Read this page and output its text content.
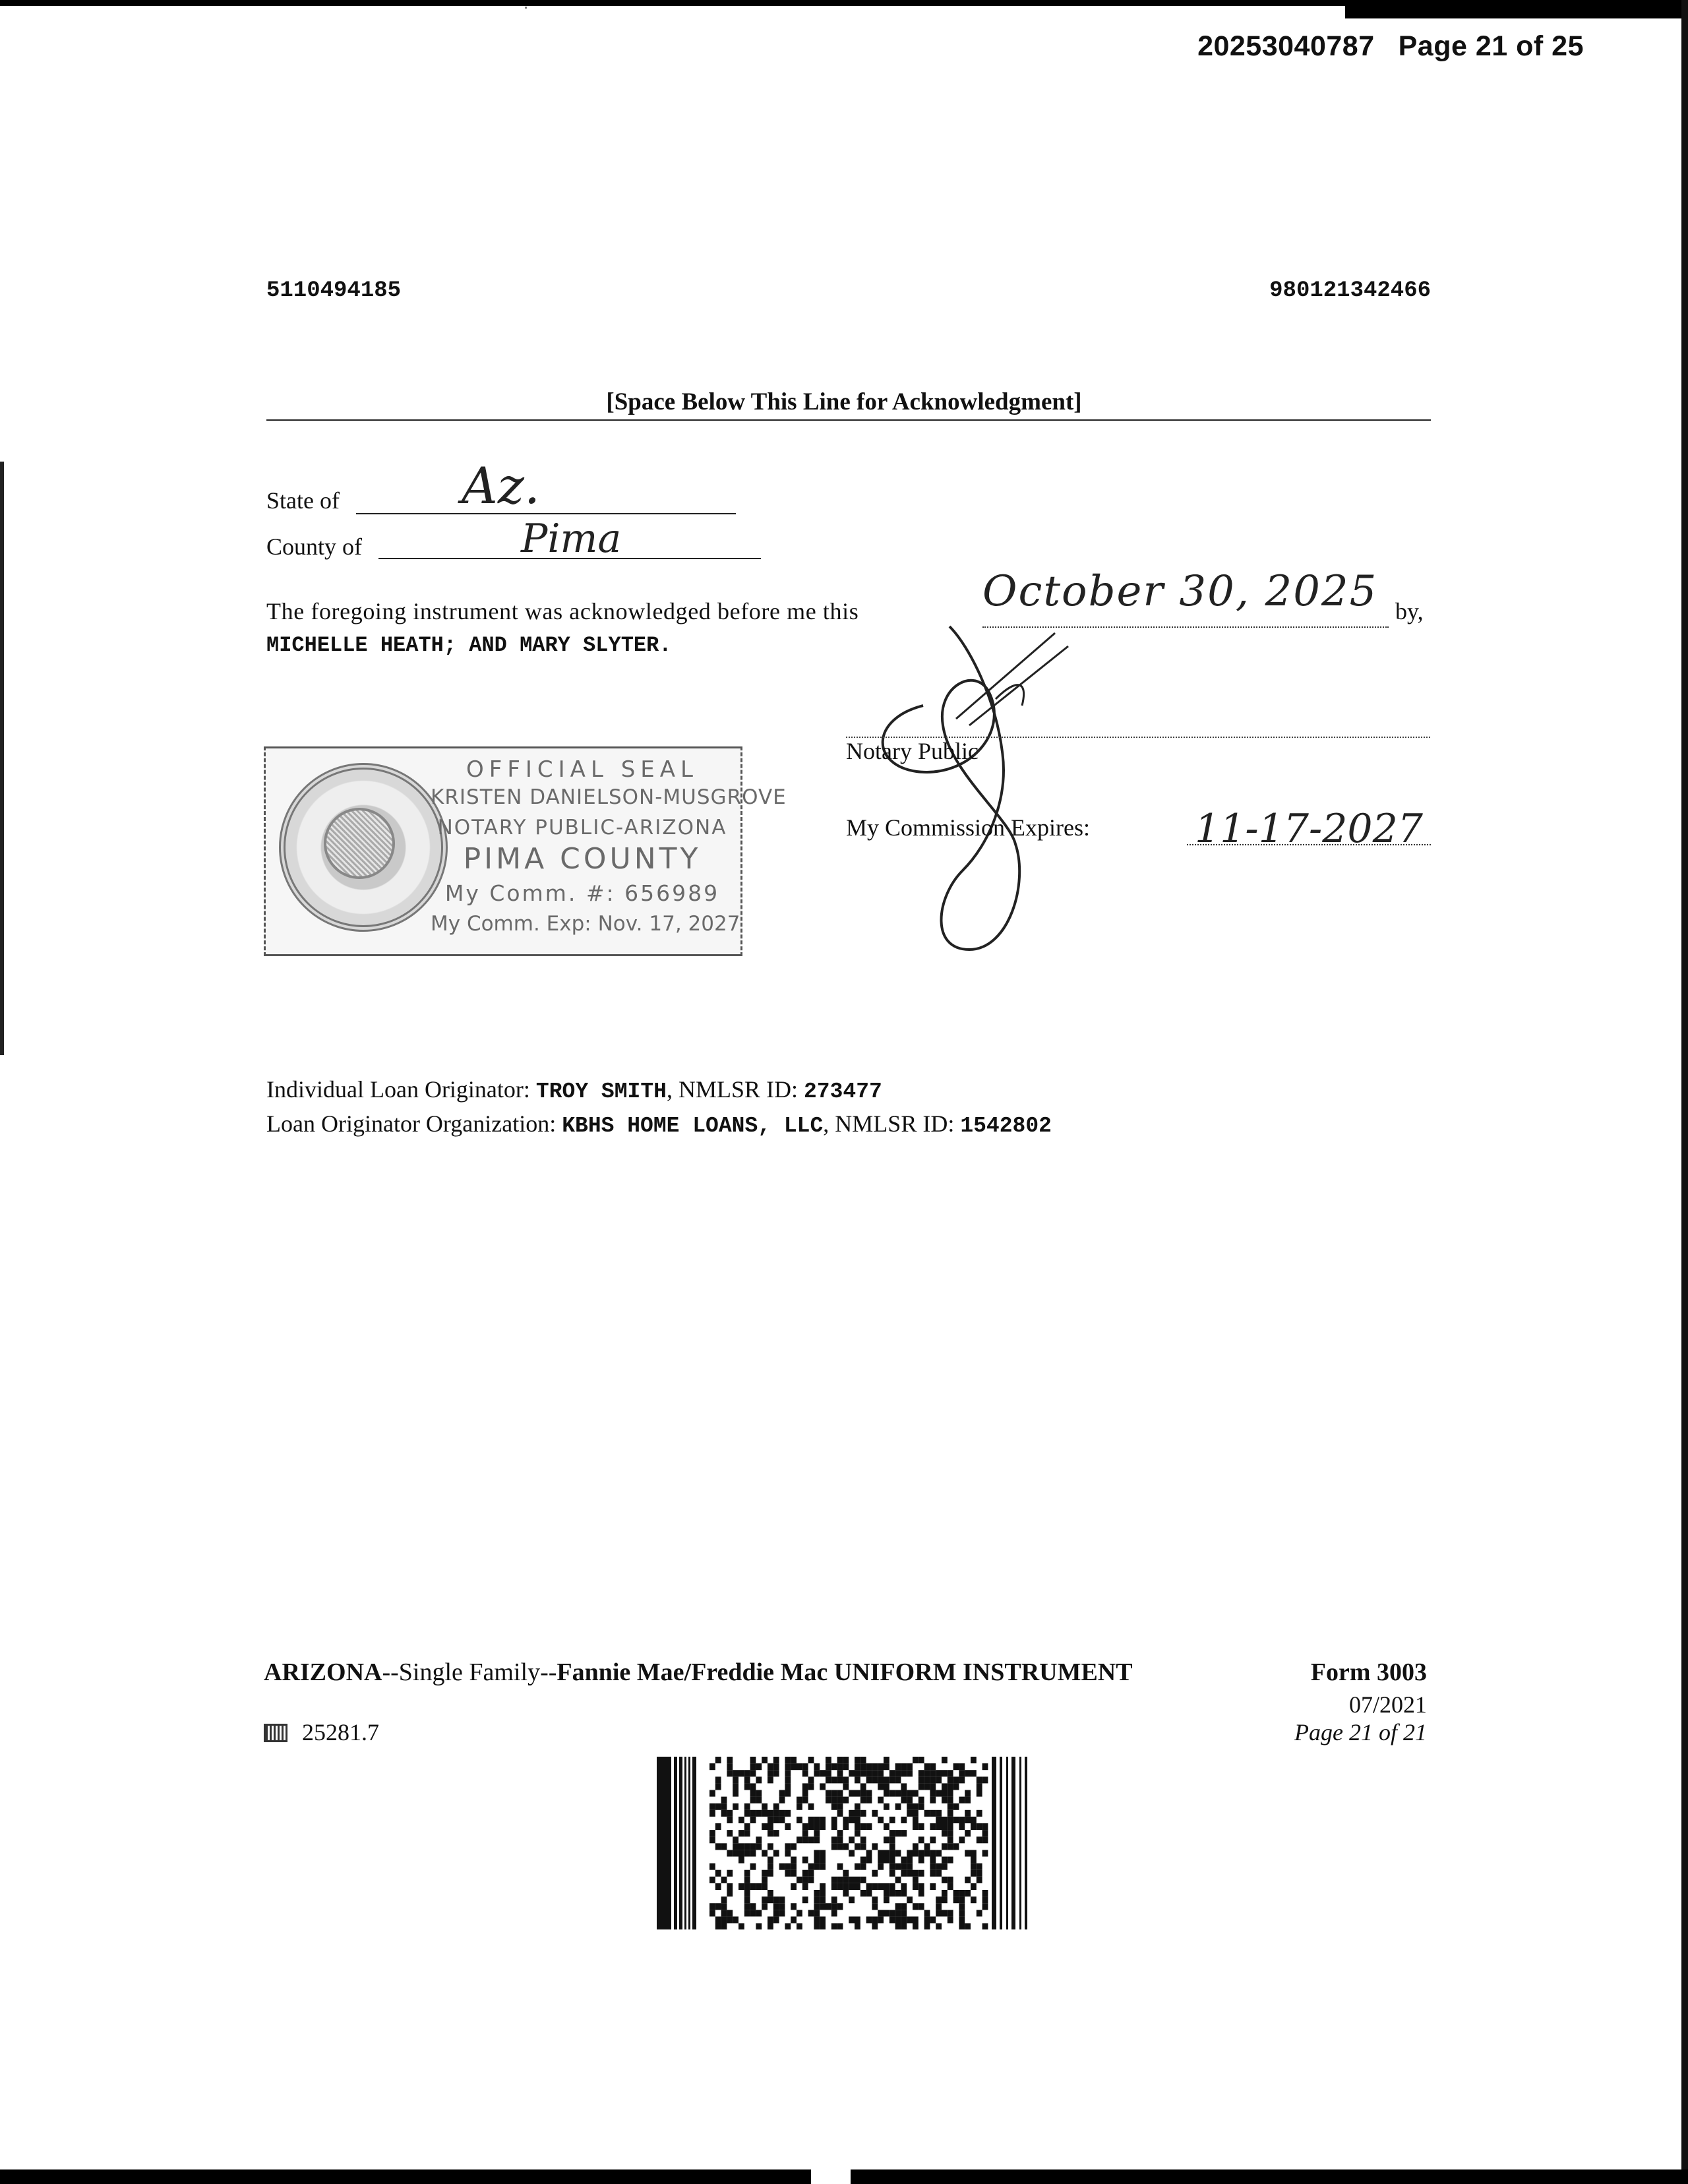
20253040787 Page 21 of 25
5110494185	980121342466
[Space Below This Line for Acknowledgment]
State of Az.
County of	Pima
The foregoing instrument was acknowledged before me this	October 30, 2025 by,
MICHELLE HEATH; AND MARY SLYTER.
Notary Public
My Commission Expires:	11-17-2027
OFFICIAL SEAL
KRISTEN DANIELSON-MUSGROVE
NOTARY PUBLIC-ARIZONA
PIMA COUNTY
My Comm. #: 656989
My Comm. Exp: Nov. 17, 2027
Individual Loan Originator: TROY SMITH, NMLSR ID: 273477
Loan Originator Organization: KBHS HOME LOANS, LLC, NMLSR ID: 1542802
ARIZONA--Single Family--Fannie Mae/Freddie Mac UNIFORM INSTRUMENT	Form 3003
07/2021
Page 21 of 21
25281.7
